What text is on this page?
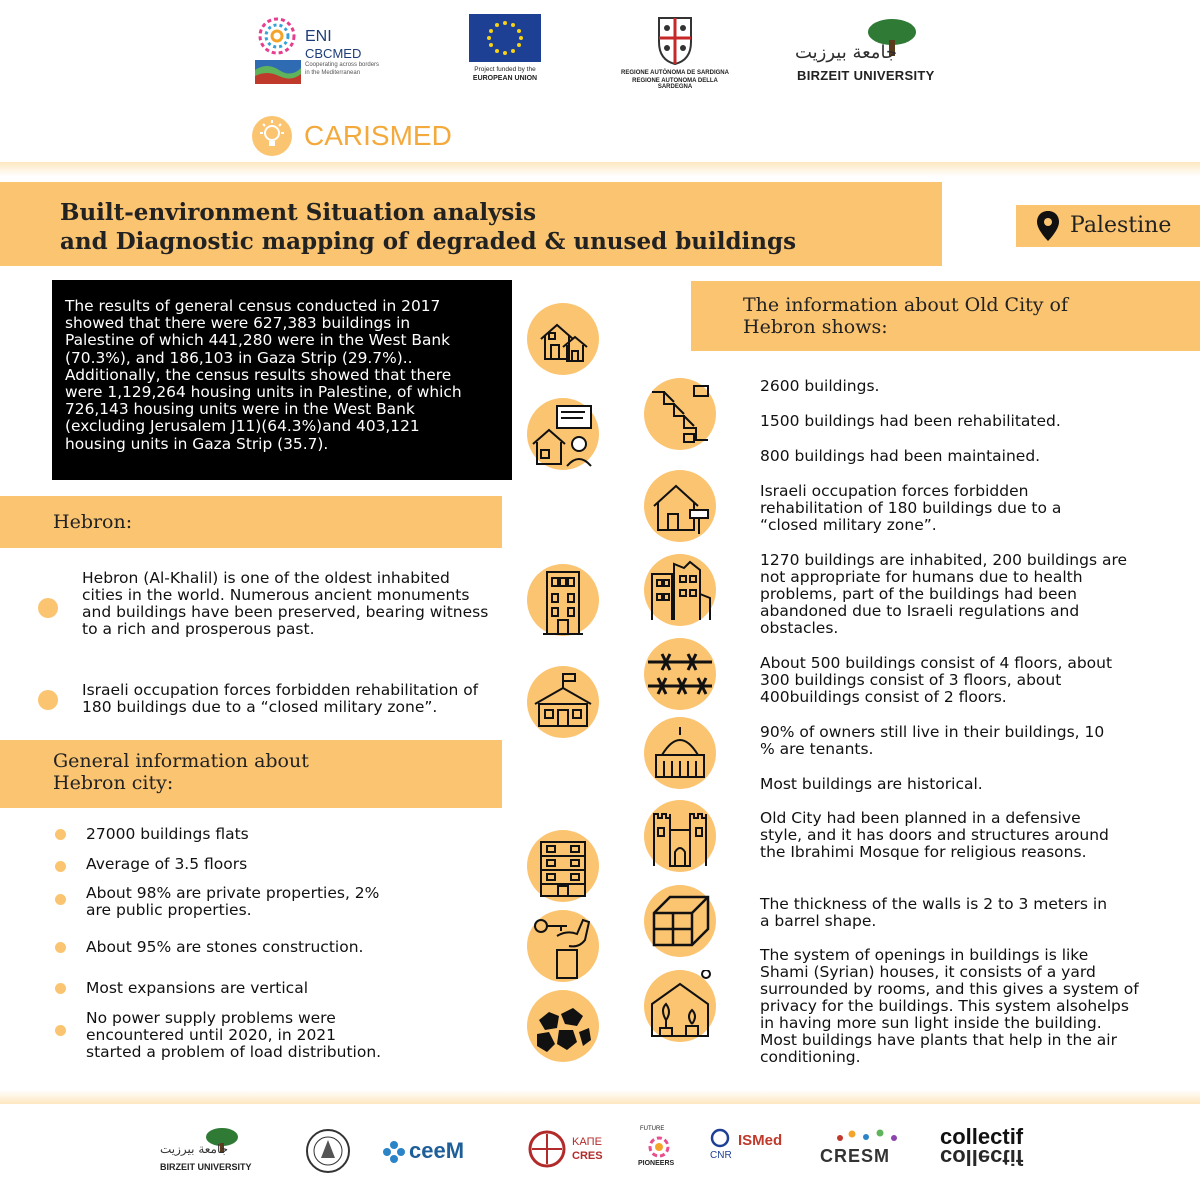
ENI
CBCMED
Cooperating across borders
in the Mediterranean	Project funded by the
EUROPEAN UNION
REGIONE AUTÒNOMA DE SARDIGNA
REGIONE AUTONOMA DELLA SARDEGNA
جامعة بيرزيت
BIRZEIT UNIVERSITY
CARISMED
Built-environment Situation analysis
and Diagnostic mapping of degraded & unused buildings
Palestine
The results of general census conducted in 2017 showed that there were 627,383 buildings in Palestine of which 441,280 were in the West Bank (70.3%), and 186,103 in Gaza Strip (29.7%).. Additionally, the census results showed that there were 1,129,264 housing units in Palestine, of which 726,143 housing units were in the West Bank (excluding Jerusalem J11)(64.3%)and 403,121 housing units in Gaza Strip (35.7).
Hebron:
Hebron (Al-Khalil) is one of the oldest inhabited cities in the world. Numerous ancient monuments and buildings have been preserved, bearing witness to a rich and prosperous past.
Israeli occupation forces forbidden rehabilitation of 180 buildings due to a “closed military zone”.
General information about
Hebron city:
27000 buildings flats
Average of 3.5 floors
About 98% are private properties, 2% are public properties.
About 95% are stones construction.
Most expansions are vertical
No power supply problems were encountered until 2020, in 2021 started a problem of load distribution.
The information about Old City of Hebron shows:
2600 buildings.
1500 buildings had been rehabilitated.
800 buildings had been maintained.
Israeli occupation forces forbidden rehabilitation of 180 buildings due to a “closed military zone”.
1270 buildings are inhabited, 200 buildings are not appropriate for humans due to health problems, part of the buildings had been abandoned due to Israeli regulations and obstacles.
About 500 buildings consist of 4 floors, about 300 buildings consist of 3 floors, about 400buildings consist of 2 floors.
90% of owners still live in their buildings, 10 % are tenants.
Most buildings are historical.
Old City had been planned in a defensive style, and it has doors and structures around the Ibrahimi Mosque for religious reasons.
The thickness of the walls is 2 to 3 meters in a barrel shape.
The system of openings in buildings is like Shami (Syrian) houses, it consists of a yard surrounded by rooms, and this gives a system of privacy for the buildings. This system alsohelps in having more sun light inside the building. Most buildings have plants that help in the air conditioning.
جامعة بيرزيت
BIRZEIT UNIVERSITY
ceeM	ΚΑΠΕ
CRES
FUTURE
PIONEERS
CNR
ISMed
CRESM
collectif
collectif
